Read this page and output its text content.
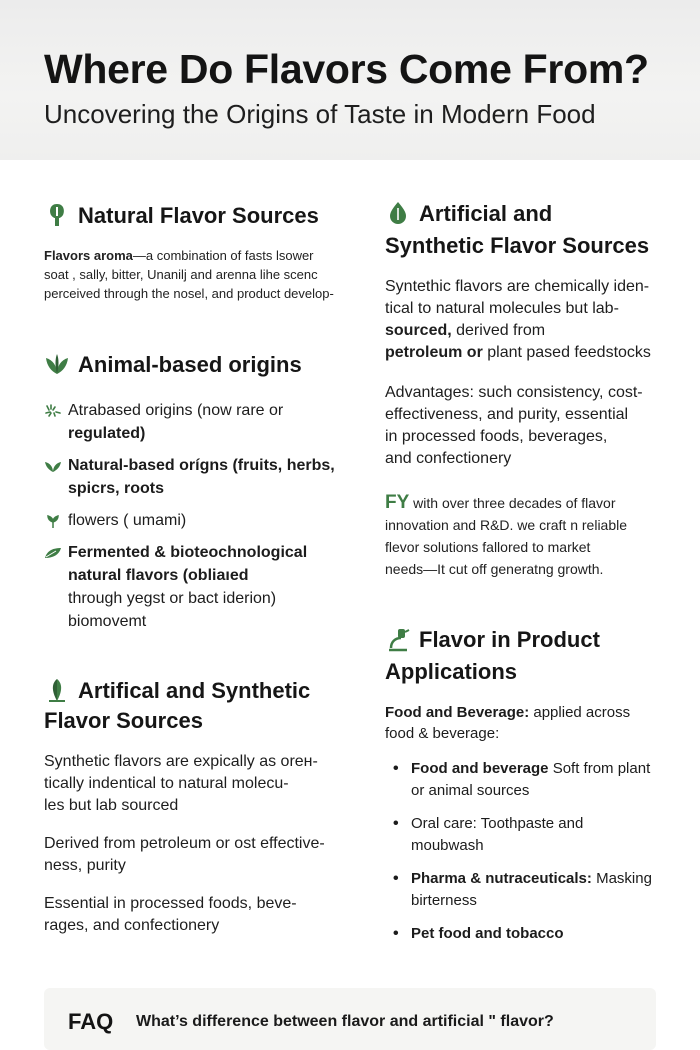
Where Do Flavors Come From?
Uncovering the Origins of Taste in Modern Food
Natural Flavor Sources
Flavors aroma—a combination of fasts lsower
soat , sally, bitter, Unanilj and arenna lihe scenc
perceived through the nosel, and product develop-
Animal-based origins
Atrabased origins (now rare or
regulated)
Natural-based orígns (fruits, herbs,
spicrs, roots
flowers ( umami)
Fermented & bioteochnological
natural flavors (obliaıed
through yegst or bact iderion)
biomovemt
Artifical and Synthetic
Flavor Sources
Synthetic flavors are expically as orен-
tically indentical to natural molecu-
les but lab sourced
Derived from petroleum or ost effective-
ness, purity
Essential in processed foods, beve-
rages, and confectionery
Artificial and
Synthetic Flavor Sources
Syntethic flavors are chemically iden-
tical to natural molecules but lab-
sourced, derived from
petroleum or plant pased feedstocks
Advantages: such consistency, cost-
effectiveness, and purity, essential
in processed foods, beverages,
and confectionery
FY with over three decades of flavor
innovation and R&D. we craft n reliable
flevor solutions fallored to market
needs—It cut off generatng growth.
Flavor in Product
Applications
Food and Beverage: applied across
food & beverage:
• Food and beverage Soft from plant
or animal sources
• Oral care: Toothpaste and
moubwash
• Pharma & nutraceuticals: Masking
birterness
• Pet food and tobacco
FAQ What’s difference between flavor and artificial " flavor?
